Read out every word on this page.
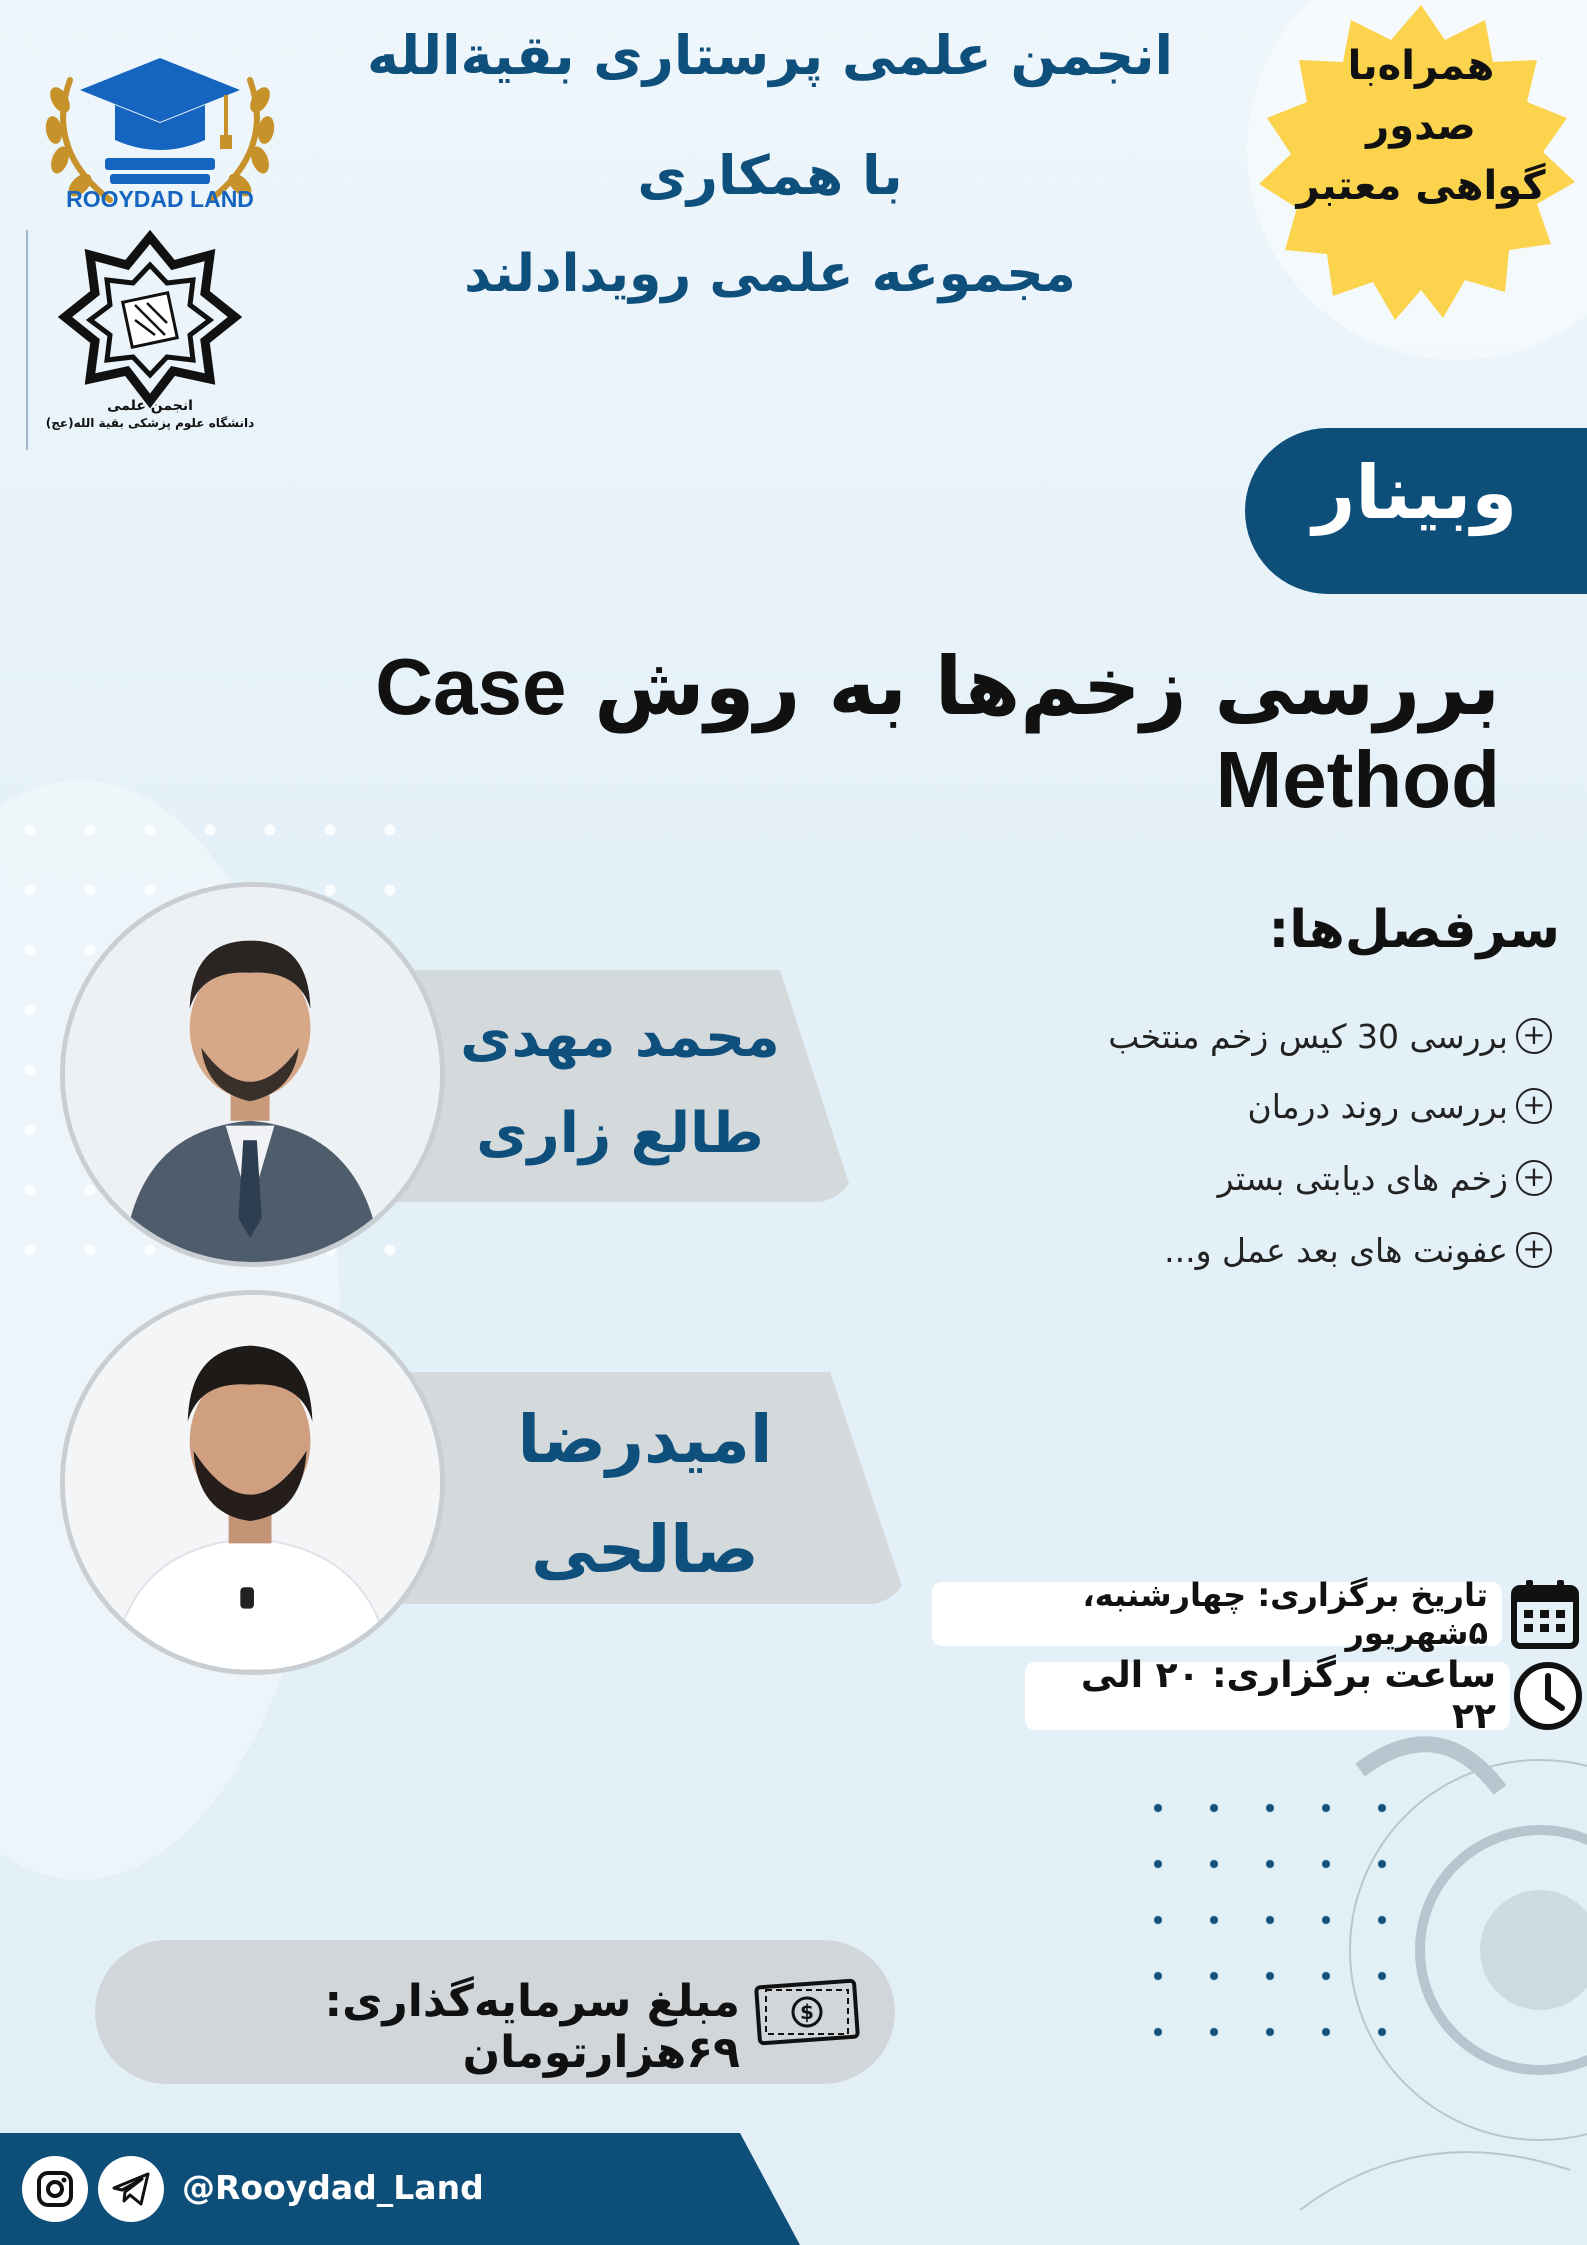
ROOYDAD LAND
انجمن علمی
دانشگاه علوم پزشکی بقیة الله(عج)
انجمن علمی پرستاری بقیةالله
با همکاری
مجموعه علمی رویدادلند
همراه‌با
صدور
گواهی معتبر
وبینار
بررسی زخم‌ها به روش Case Method
محمد مهدی
طالع زاری
امیدرضا
صالحی
سرفصل‌ها:
+
بررسی 30 کیس زخم منتخب
+
بررسی روند درمان
+
زخم های دیابتی بستر
+
عفونت های بعد عمل و...
تاریخ برگزاری: چهارشنبه، ۵شهریور
ساعت برگزاری: ۲۰ الی ۲۲
مبلغ سرمایه‌گذاری: ۶۹هزارتومان
$
@Rooydad_Land
